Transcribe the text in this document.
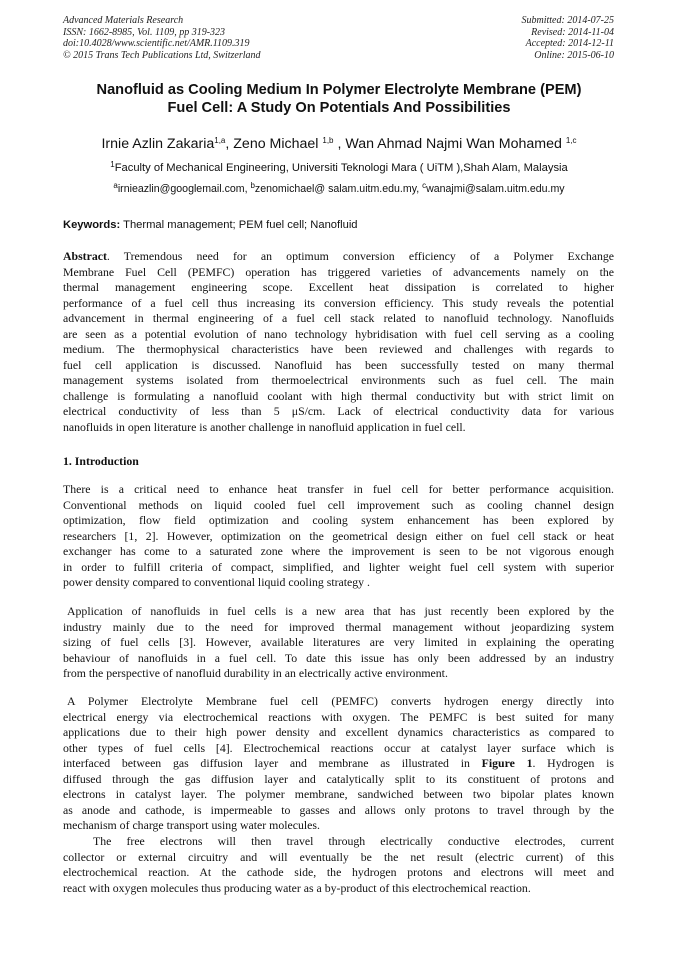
Advanced Materials Research
ISSN: 1662-8985, Vol. 1109, pp 319-323
doi:10.4028/www.scientific.net/AMR.1109.319
© 2015 Trans Tech Publications Ltd, Switzerland
Submitted: 2014-07-25
Revised: 2014-11-04
Accepted: 2014-12-11
Online: 2015-06-10
Nanofluid as Cooling Medium In Polymer Electrolyte Membrane (PEM)
Fuel Cell: A Study On Potentials And Possibilities
Irnie Azlin Zakaria$^{1,a}$, Zeno Michael $^{1,b}$ , Wan Ahmad Najmi Wan Mohamed $^{1,c}$
$^1$Faculty of Mechanical Engineering, Universiti Teknologi Mara ( UiTM ),Shah Alam, Malaysia
$^a$irnieazlin@googlemail.com, $^b$zenomichael@ salam.uitm.edu.my, $^c$wanajmi@salam.uitm.edu.my
Keywords: Thermal management; PEM fuel cell; Nanofluid
Abstract. Tremendous need for an optimum conversion efficiency of a Polymer Exchange
Membrane Fuel Cell (PEMFC) operation has triggered varieties of advancements namely on the
thermal management engineering scope. Excellent heat dissipation is correlated to higher
performance of a fuel cell thus increasing its conversion efficiency. This study reveals the potential
advancement in thermal engineering of a fuel cell stack related to nanofluid technology. Nanofluids
are seen as a potential evolution of nano technology hybridisation with fuel cell serving as a cooling
medium. The thermophysical characteristics have been reviewed and challenges with regards to
fuel cell application is discussed. Nanofluid has been successfully tested on many thermal
management systems isolated from thermoelectrical environments such as fuel cell. The main
challenge is formulating a nanofluid coolant with high thermal conductivity but with strict limit on
electrical conductivity of less than 5 μS/cm. Lack of electrical conductivity data for various
nanofluids in open literature is another challenge in nanofluid application in fuel cell.
1. Introduction
There is a critical need to enhance heat transfer in fuel cell for better performance acquisition.
Conventional methods on liquid cooled fuel cell improvement such as cooling channel design
optimization, flow field optimization and cooling system enhancement has been explored by
researchers [1, 2]. However, optimization on the geometrical design either on fuel cell stack or heat
exchanger has come to a saturated zone where the improvement is seen to be not vigorous enough
in order to fulfill criteria of compact, simplified, and lighter weight fuel cell system with superior
power density compared to conventional liquid cooling strategy .
Application of nanofluids in fuel cells is a new area that has just recently been explored by the
industry mainly due to the need for improved thermal management without jeopardizing system
sizing of fuel cells [3]. However, available literatures are very limited in explaining the operating
behaviour of nanofluids in a fuel cell. To date this issue has only been addressed by an industry
from the perspective of nanofluid durability in an electrically active environment.
A Polymer Electrolyte Membrane fuel cell (PEMFC) converts hydrogen energy directly into
electrical energy via electrochemical reactions with oxygen. The PEMFC is best suited for many
applications due to their high power density and excellent dynamics characteristics as compared to
other types of fuel cells [4]. Electrochemical reactions occur at catalyst layer surface which is
interfaced between gas diffusion layer and membrane as illustrated in Figure 1. Hydrogen is
diffused through the gas diffusion layer and catalytically split to its constituent of protons and
electrons in catalyst layer. The polymer membrane, sandwiched between two bipolar plates known
as anode and cathode, is impermeable to gasses and allows only protons to travel through by the
mechanism of charge transport using water molecules.
The free electrons will then travel through electrically conductive electrodes, current
collector or external circuitry and will eventually be the net result (electric current) of this
electrochemical reaction. At the cathode side, the hydrogen protons and electrons will meet and
react with oxygen molecules thus producing water as a by-product of this electrochemical reaction.
